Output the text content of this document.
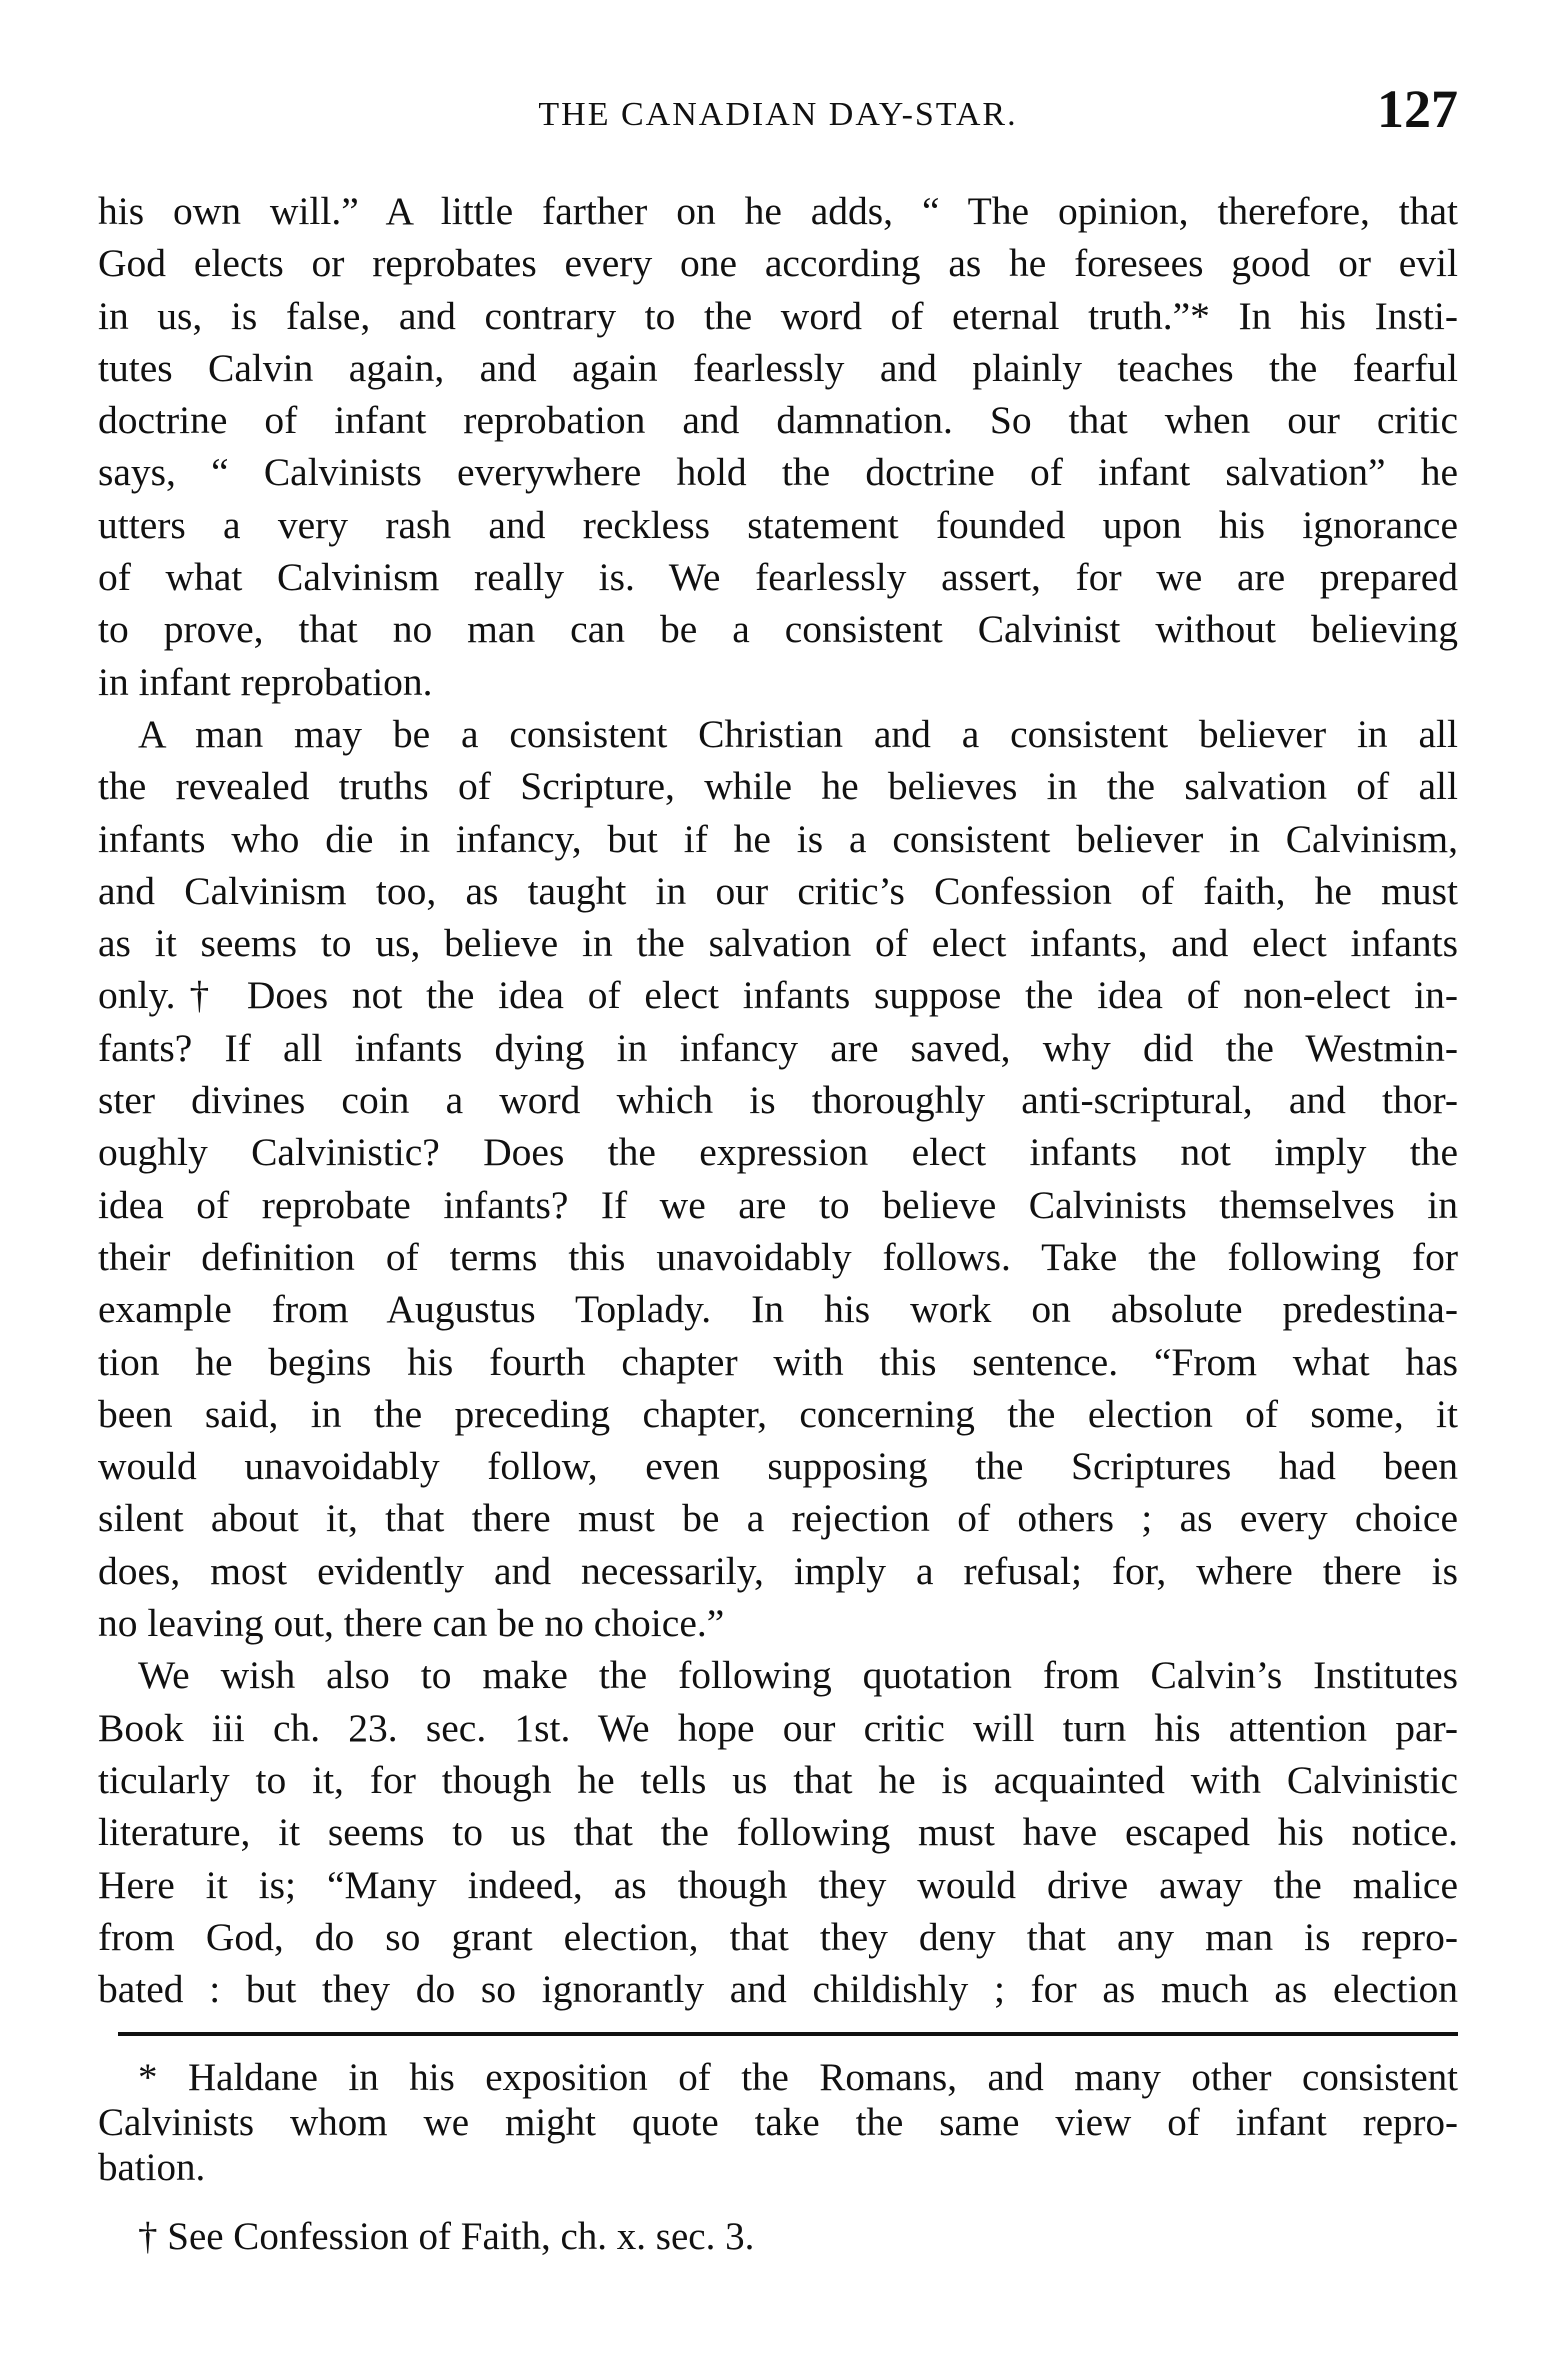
THE CANADIAN DAY-STAR.	127
his own will.” A little farther on he adds, “ The opinion, therefore, that
God elects or reprobates every one according as he foresees good or evil
in us, is false, and contrary to the word of eternal truth.”* In his Insti-
tutes Calvin again, and again fearlessly and plainly teaches the fearful
doctrine of infant reprobation and damnation. So that when our critic
says, “ Calvinists everywhere hold the doctrine of infant salvation” he
utters a very rash and reckless statement founded upon his ignorance
of what Calvinism really is. We fearlessly assert, for we are prepared
to prove, that no man can be a consistent Calvinist without believing
in infant reprobation.
A man may be a consistent Christian and a consistent believer in all
the revealed truths of Scripture, while he believes in the salvation of all
infants who die in infancy, but if he is a consistent believer in Calvinism,
and Calvinism too, as taught in our critic’s Confession of faith, he must
as it seems to us, believe in the salvation of elect infants, and elect infants
only.† Does not the idea of elect infants suppose the idea of non-elect in-
fants? If all infants dying in infancy are saved, why did the Westmin-
ster divines coin a word which is thoroughly anti-scriptural, and thor-
oughly Calvinistic? Does the expression elect infants not imply the
idea of reprobate infants? If we are to believe Calvinists themselves in
their definition of terms this unavoidably follows. Take the following for
example from Augustus Toplady. In his work on absolute predestina-
tion he begins his fourth chapter with this sentence. “From what has
been said, in the preceding chapter, concerning the election of some, it
would unavoidably follow, even supposing the Scriptures had been
silent about it, that there must be a rejection of others ; as every choice
does, most evidently and necessarily, imply a refusal; for, where there is
no leaving out, there can be no choice.”
We wish also to make the following quotation from Calvin’s Institutes
Book iii ch. 23. sec. 1st. We hope our critic will turn his attention par-
ticularly to it, for though he tells us that he is acquainted with Calvinistic
literature, it seems to us that the following must have escaped his notice.
Here it is; “Many indeed, as though they would drive away the malice
from God, do so grant election, that they deny that any man is repro-
bated : but they do so ignorantly and childishly ; for as much as election
* Haldane in his exposition of the Romans, and many other consistent
Calvinists whom we might quote take the same view of infant repro-
bation.
† See Confession of Faith, ch. x. sec. 3.
